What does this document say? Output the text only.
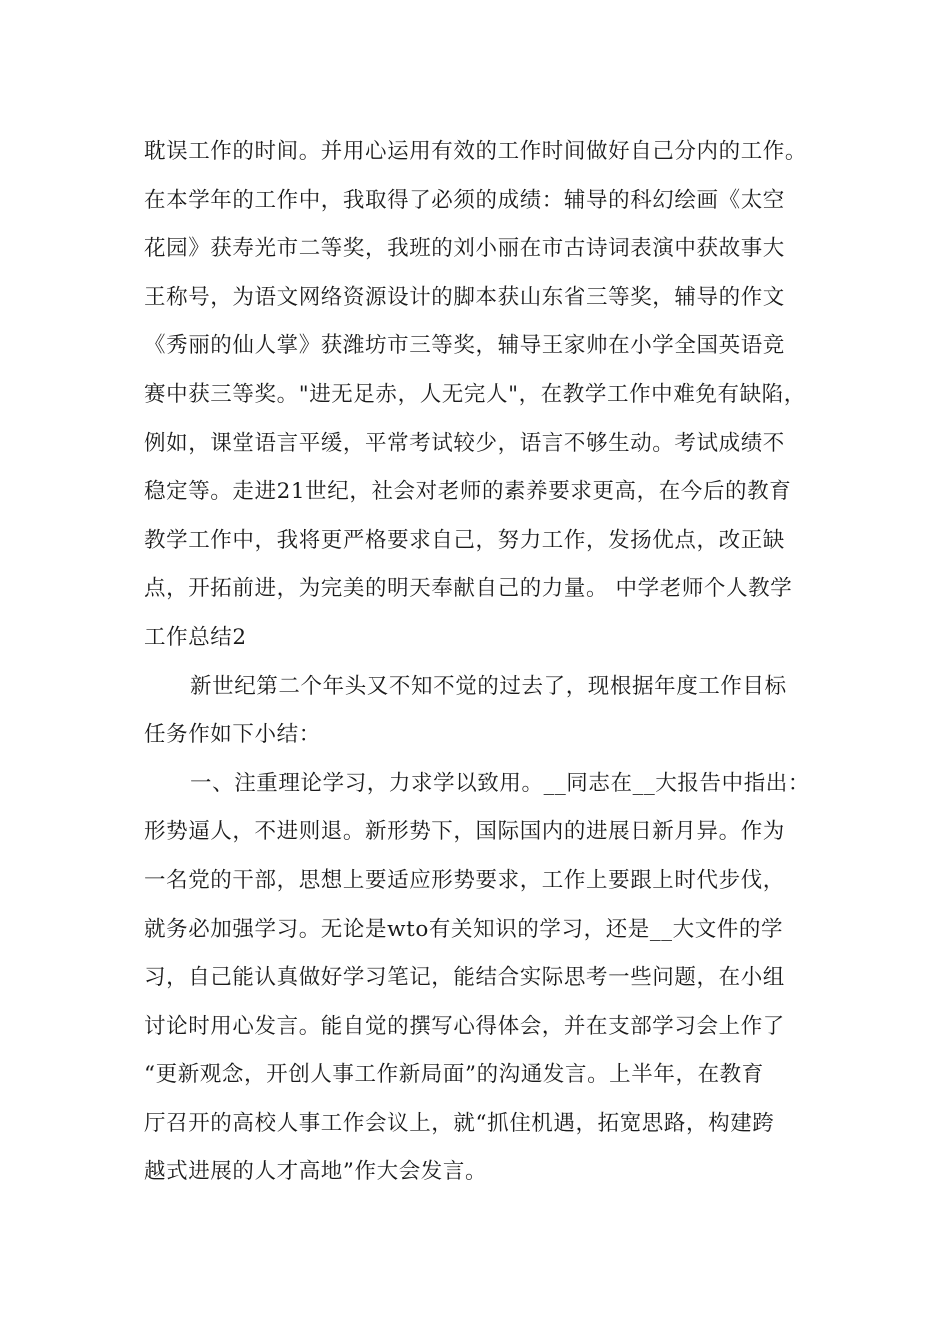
耽误工作的时间。并用心运用有效的工作时间做好自己分内的工作。
在本学年的工作中，我取得了必须的成绩：辅导的科幻绘画《太空
花园》获寿光市二等奖，我班的刘小丽在市古诗词表演中获故事大
王称号，为语文网络资源设计的脚本获山东省三等奖，辅导的作文
《秀丽的仙人掌》获潍坊市三等奖，辅导王家帅在小学全国英语竞
赛中获三等奖。"进无足赤，人无完人"，在教学工作中难免有缺陷，
例如，课堂语言平缓，平常考试较少，语言不够生动。考试成绩不
稳定等。走进21世纪，社会对老师的素养要求更高，在今后的教育
教学工作中，我将更严格要求自己，努力工作，发扬优点，改正缺
点，开拓前进，为完美的明天奉献自己的力量。 中学老师个人教学
工作总结2
新世纪第二个年头又不知不觉的过去了，现根据年度工作目标
任务作如下小结：
一、注重理论学习，力求学以致用。__同志在__大报告中指出：
形势逼人，不进则退。新形势下，国际国内的进展日新月异。作为
一名党的干部，思想上要适应形势要求，工作上要跟上时代步伐，
就务必加强学习。无论是wto有关知识的学习，还是__大文件的学
习，自己能认真做好学习笔记，能结合实际思考一些问题，在小组
讨论时用心发言。能自觉的撰写心得体会，并在支部学习会上作了
“更新观念，开创人事工作新局面”的沟通发言。上半年，在教育
厅召开的高校人事工作会议上，就“抓住机遇，拓宽思路，构建跨
越式进展的人才高地”作大会发言。
